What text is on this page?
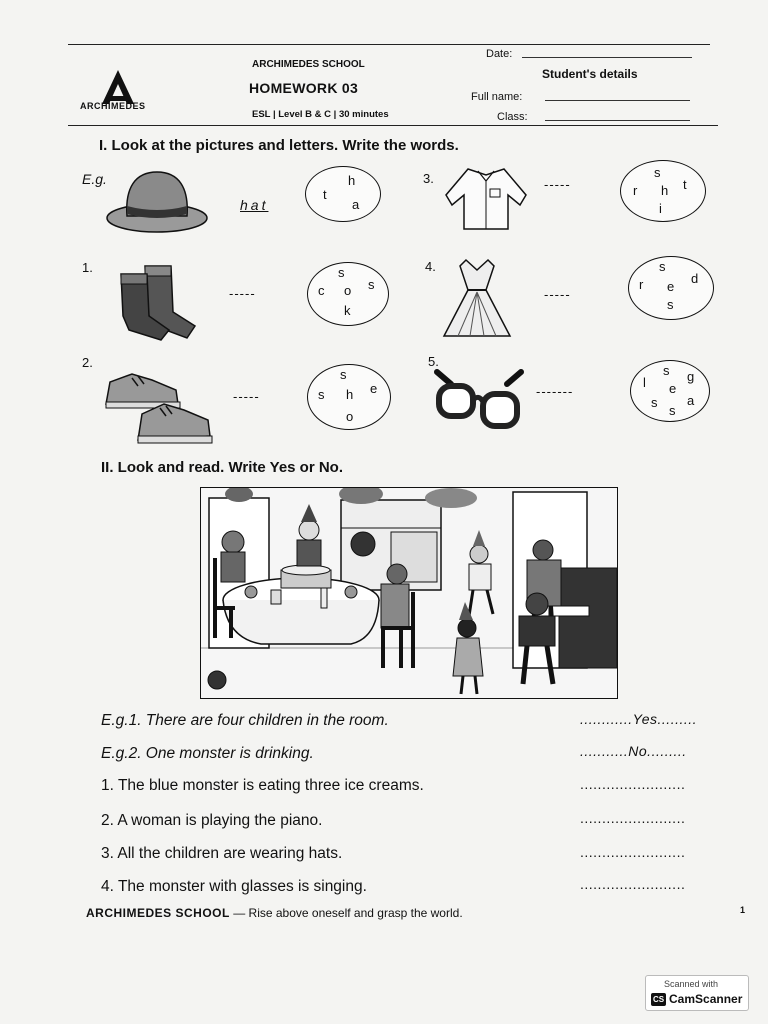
ARCHIMEDES
ARCHIMEDES SCHOOL
HOMEWORK 03
ESL | Level B & C | 30 minutes
Date:
Student's details
Full name:
Class:
I. Look at the pictures and letters. Write the words.
E.g.
hat
h
t
a
1.
-----
s
c o s
k
2.
-----
s
s h e
o
3.	-----
s
r h t
i
4.
-----
s
r e
d
s
5.
-------
s g
l e
s a
s
II. Look and read. Write Yes or No.
E.g.1. There are four children in the room.	............Yes.........
E.g.2. One monster is drinking.	...........No.........
1. The blue monster is eating three ice creams.	........................
2. A woman is playing the piano.	........................
3. All the children are wearing hats.	........................
4. The monster with glasses is singing.	........................
ARCHIMEDES SCHOOL — Rise above oneself and grasp the world.	1
Scanned with
CS CamScanner
